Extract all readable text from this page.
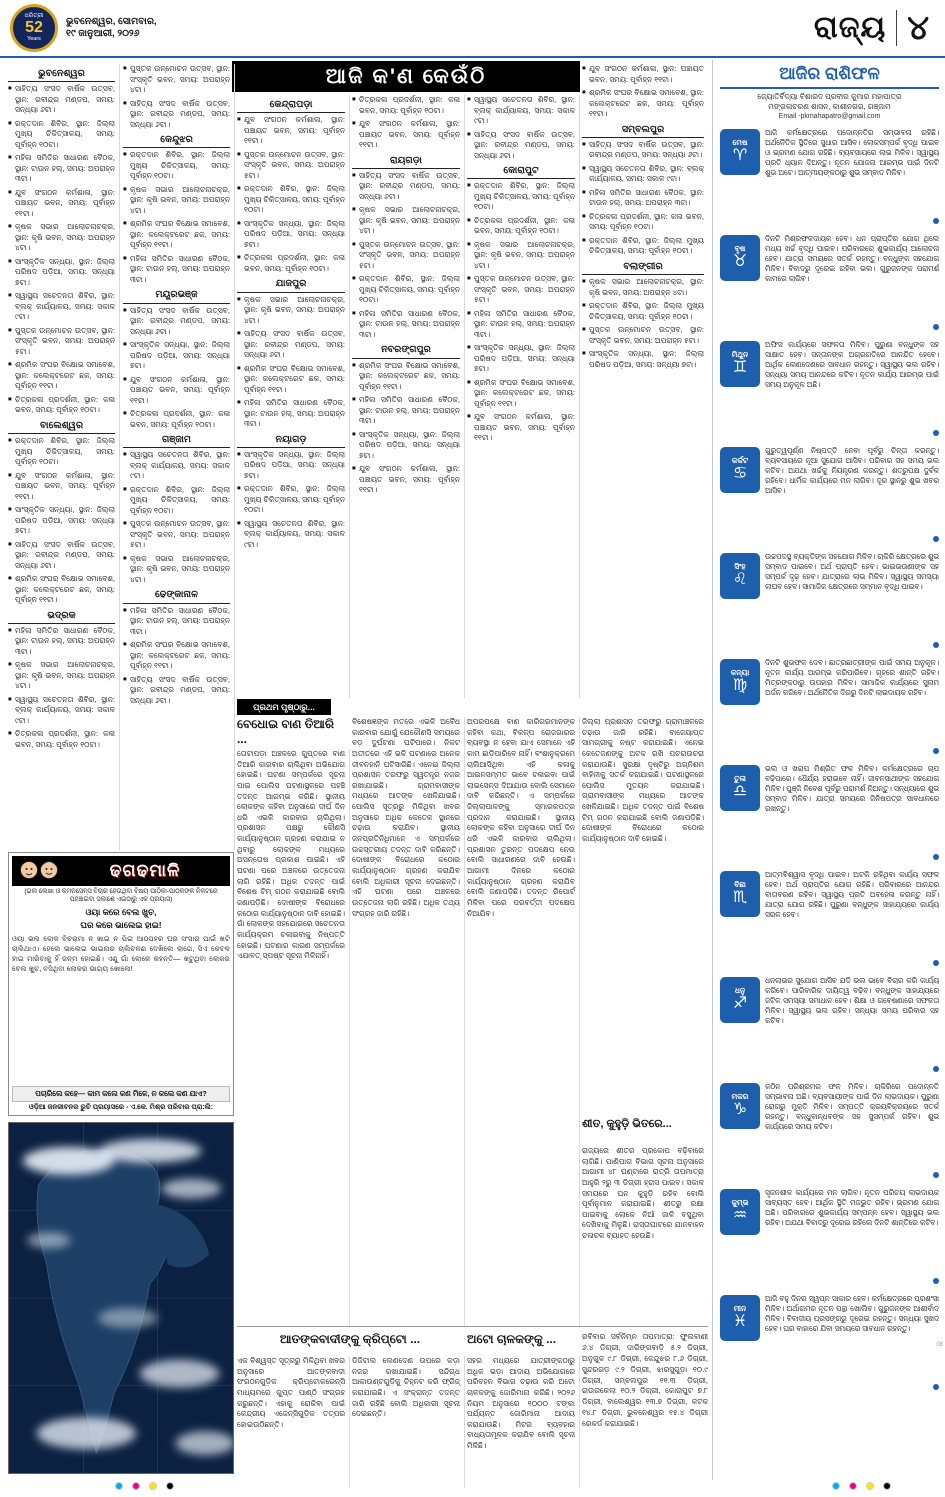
ଧରିତ୍ରୀ
52
Years
ଭୁବନେଶ୍ୱର, ସୋମବାର,
୧୯ ଜାନୁଆରୀ, ୨୦୨୬	ରାଜ୍ୟ ୪
ଆଜି କ'ଣ କେଉଁଠି
ଭୁବନେଶ୍ୱର
◼ ସାହିତ୍ୟ ସଂସଦ ବାର୍ଷିକ ଉତ୍ସବ, ସ୍ଥାନ: ରବୀନ୍ଦ୍ର ମଣ୍ଡପ, ସମୟ: ସନ୍ଧ୍ୟା ୬ଟା।
◼ ରକ୍ତଦାନ ଶିବିର, ସ୍ଥାନ: ଜିଲ୍ଲା ମୁଖ୍ୟ ଚିକିତ୍ସାଳୟ, ସମୟ: ପୂର୍ବାହ୍ନ ୧୦ଟା।
◼ ମହିଳା ସମିତିର ସାଧାରଣ ବୈଠକ, ସ୍ଥାନ: ଟାଉନ ହଲ୍, ସମୟ: ଅପରାହ୍ନ ୩ଟା।
◼ ଯୁବ ସଂଗଠନ କର୍ମଶାଳା, ସ୍ଥାନ: ପଞ୍ଚାୟତ ଭବନ, ସମୟ: ପୂର୍ବାହ୍ନ ୧୧ଟା।
◼ କୃଷକ ସଭାର ଆଲୋଚନାଚକ୍ର, ସ୍ଥାନ: କୃଷି ଭବନ, ସମୟ: ଅପରାହ୍ନ ୪ଟା।
◼ ସାଂସ୍କୃତିକ ସନ୍ଧ୍ୟା, ସ୍ଥାନ: ଜିଲ୍ଲା ପରିଷଦ ପଡ଼ିଆ, ସମୟ: ସନ୍ଧ୍ୟା ୭ଟା।
◼ ସ୍ୱାସ୍ଥ୍ୟ ସଚେତନତା ଶିବିର, ସ୍ଥାନ: ବ୍ଲକ୍ କାର୍ଯ୍ୟାଳୟ, ସମୟ: ସକାଳ ୯ଟା।
◼ ପୁସ୍ତକ ଉନ୍ମୋଚନ ଉତ୍ସବ, ସ୍ଥାନ: ସଂସ୍କୃତି ଭବନ, ସମୟ: ଅପରାହ୍ନ ୫ଟା।
◼ ଶ୍ରମିକ ସଂଘର ବିକ୍ଷୋଭ ସମାବେଶ, ସ୍ଥାନ: କଲେକ୍ଟରେଟ ଛକ, ସମୟ: ପୂର୍ବାହ୍ନ ୧୧ଟା।
◼ ଚିତ୍ରକଳା ପ୍ରଦର୍ଶନୀ, ସ୍ଥାନ: କଳା ଭବନ, ସମୟ: ପୂର୍ବାହ୍ନ ୧୦ଟା।
ବାଲେଶ୍ୱର
◼ ରକ୍ତଦାନ ଶିବିର, ସ୍ଥାନ: ଜିଲ୍ଲା ମୁଖ୍ୟ ଚିକିତ୍ସାଳୟ, ସମୟ: ପୂର୍ବାହ୍ନ ୧୦ଟା।
◼ ଯୁବ ସଂଗଠନ କର୍ମଶାଳା, ସ୍ଥାନ: ପଞ୍ଚାୟତ ଭବନ, ସମୟ: ପୂର୍ବାହ୍ନ ୧୧ଟା।
◼ ସାଂସ୍କୃତିକ ସନ୍ଧ୍ୟା, ସ୍ଥାନ: ଜିଲ୍ଲା ପରିଷଦ ପଡ଼ିଆ, ସମୟ: ସନ୍ଧ୍ୟା ୭ଟା।
◼ ସାହିତ୍ୟ ସଂସଦ ବାର୍ଷିକ ଉତ୍ସବ, ସ୍ଥାନ: ରବୀନ୍ଦ୍ର ମଣ୍ଡପ, ସମୟ: ସନ୍ଧ୍ୟା ୬ଟା।
◼ ଶ୍ରମିକ ସଂଘର ବିକ୍ଷୋଭ ସମାବେଶ, ସ୍ଥାନ: କଲେକ୍ଟରେଟ ଛକ, ସମୟ: ପୂର୍ବାହ୍ନ ୧୧ଟା।
ଭଦ୍ରକ
◼ ମହିଳା ସମିତିର ସାଧାରଣ ବୈଠକ, ସ୍ଥାନ: ଟାଉନ ହଲ୍, ସମୟ: ଅପରାହ୍ନ ୩ଟା।
◼ କୃଷକ ସଭାର ଆଲୋଚନାଚକ୍ର, ସ୍ଥାନ: କୃଷି ଭବନ, ସମୟ: ଅପରାହ୍ନ ୪ଟା।
◼ ସ୍ୱାସ୍ଥ୍ୟ ସଚେତନତା ଶିବିର, ସ୍ଥାନ: ବ୍ଲକ୍ କାର୍ଯ୍ୟାଳୟ, ସମୟ: ସକାଳ ୯ଟା।
◼ ଚିତ୍ରକଳା ପ୍ରଦର୍ଶନୀ, ସ୍ଥାନ: କଳା ଭବନ, ସମୟ: ପୂର୍ବାହ୍ନ ୧୦ଟା।
◼ ପୁସ୍ତକ ଉନ୍ମୋଚନ ଉତ୍ସବ, ସ୍ଥାନ: ସଂସ୍କୃତି ଭବନ, ସମୟ: ଅପରାହ୍ନ ୪ଟା।
◼ ସାହିତ୍ୟ ସଂସଦ ବାର୍ଷିକ ଉତ୍ସବ, ସ୍ଥାନ: ରବୀନ୍ଦ୍ର ମଣ୍ଡପ, ସମୟ: ସନ୍ଧ୍ୟା ୬ଟା।
କେନ୍ଦୁଝର
◼ ରକ୍ତଦାନ ଶିବିର, ସ୍ଥାନ: ଜିଲ୍ଲା ମୁଖ୍ୟ ଚିକିତ୍ସାଳୟ, ସମୟ: ପୂର୍ବାହ୍ନ ୧୦ଟା।
◼ କୃଷକ ସଭାର ଆଲୋଚନାଚକ୍ର, ସ୍ଥାନ: କୃଷି ଭବନ, ସମୟ: ଅପରାହ୍ନ ୪ଟା।
◼ ଶ୍ରମିକ ସଂଘର ବିକ୍ଷୋଭ ସମାବେଶ, ସ୍ଥାନ: କଲେକ୍ଟରେଟ ଛକ, ସମୟ: ପୂର୍ବାହ୍ନ ୧୧ଟା।
◼ ମହିଳା ସମିତିର ସାଧାରଣ ବୈଠକ, ସ୍ଥାନ: ଟାଉନ ହଲ୍, ସମୟ: ଅପରାହ୍ନ ୩ଟା।
ମୟୂରଭଞ୍ଜ
◼ ସାହିତ୍ୟ ସଂସଦ ବାର୍ଷିକ ଉତ୍ସବ, ସ୍ଥାନ: ରବୀନ୍ଦ୍ର ମଣ୍ଡପ, ସମୟ: ସନ୍ଧ୍ୟା ୬ଟା।
◼ ସାଂସ୍କୃତିକ ସନ୍ଧ୍ୟା, ସ୍ଥାନ: ଜିଲ୍ଲା ପରିଷଦ ପଡ଼ିଆ, ସମୟ: ସନ୍ଧ୍ୟା ୭ଟା।
◼ ଯୁବ ସଂଗଠନ କର୍ମଶାଳା, ସ୍ଥାନ: ପଞ୍ଚାୟତ ଭବନ, ସମୟ: ପୂର୍ବାହ୍ନ ୧୧ଟା।
◼ ଚିତ୍ରକଳା ପ୍ରଦର୍ଶନୀ, ସ୍ଥାନ: କଳା ଭବନ, ସମୟ: ପୂର୍ବାହ୍ନ ୧୦ଟା।
ଗଞ୍ଜାମ
◼ ସ୍ୱାସ୍ଥ୍ୟ ସଚେତନତା ଶିବିର, ସ୍ଥାନ: ବ୍ଲକ୍ କାର୍ଯ୍ୟାଳୟ, ସମୟ: ସକାଳ ୯ଟା।
◼ ରକ୍ତଦାନ ଶିବିର, ସ୍ଥାନ: ଜିଲ୍ଲା ମୁଖ୍ୟ ଚିକିତ୍ସାଳୟ, ସମୟ: ପୂର୍ବାହ୍ନ ୧୦ଟା।
◼ ପୁସ୍ତକ ଉନ୍ମୋଚନ ଉତ୍ସବ, ସ୍ଥାନ: ସଂସ୍କୃତି ଭବନ, ସମୟ: ଅପରାହ୍ନ ୫ଟା।
◼ କୃଷକ ସଭାର ଆଲୋଚନାଚକ୍ର, ସ୍ଥାନ: କୃଷି ଭବନ, ସମୟ: ଅପରାହ୍ନ ୪ଟା।
ଢେଙ୍କାନାଳ
◼ ମହିଳା ସମିତିର ସାଧାରଣ ବୈଠକ, ସ୍ଥାନ: ଟାଉନ ହଲ୍, ସମୟ: ଅପରାହ୍ନ ୩ଟା।
◼ ଶ୍ରମିକ ସଂଘର ବିକ୍ଷୋଭ ସମାବେଶ, ସ୍ଥାନ: କଲେକ୍ଟରେଟ ଛକ, ସମୟ: ପୂର୍ବାହ୍ନ ୧୧ଟା।
◼ ସାହିତ୍ୟ ସଂସଦ ବାର୍ଷିକ ଉତ୍ସବ, ସ୍ଥାନ: ରବୀନ୍ଦ୍ର ମଣ୍ଡପ, ସମୟ: ସନ୍ଧ୍ୟା ୬ଟା।
କେନ୍ଦ୍ରାପଡ଼ା
◼ ଯୁବ ସଂଗଠନ କର୍ମଶାଳା, ସ୍ଥାନ: ପଞ୍ଚାୟତ ଭବନ, ସମୟ: ପୂର୍ବାହ୍ନ ୧୧ଟା।
◼ ପୁସ୍ତକ ଉନ୍ମୋଚନ ଉତ୍ସବ, ସ୍ଥାନ: ସଂସ୍କୃତି ଭବନ, ସମୟ: ଅପରାହ୍ନ ୫ଟା।
◼ ରକ୍ତଦାନ ଶିବିର, ସ୍ଥାନ: ଜିଲ୍ଲା ମୁଖ୍ୟ ଚିକିତ୍ସାଳୟ, ସମୟ: ପୂର୍ବାହ୍ନ ୧୦ଟା।
◼ ସାଂସ୍କୃତିକ ସନ୍ଧ୍ୟା, ସ୍ଥାନ: ଜିଲ୍ଲା ପରିଷଦ ପଡ଼ିଆ, ସମୟ: ସନ୍ଧ୍ୟା ୭ଟା।
◼ ଚିତ୍ରକଳା ପ୍ରଦର୍ଶନୀ, ସ୍ଥାନ: କଳା ଭବନ, ସମୟ: ପୂର୍ବାହ୍ନ ୧୦ଟା।
ଯାଜପୁର
◼ କୃଷକ ସଭାର ଆଲୋଚନାଚକ୍ର, ସ୍ଥାନ: କୃଷି ଭବନ, ସମୟ: ଅପରାହ୍ନ ୪ଟା।
◼ ସାହିତ୍ୟ ସଂସଦ ବାର୍ଷିକ ଉତ୍ସବ, ସ୍ଥାନ: ରବୀନ୍ଦ୍ର ମଣ୍ଡପ, ସମୟ: ସନ୍ଧ୍ୟା ୬ଟା।
◼ ଶ୍ରମିକ ସଂଘର ବିକ୍ଷୋଭ ସମାବେଶ, ସ୍ଥାନ: କଲେକ୍ଟରେଟ ଛକ, ସମୟ: ପୂର୍ବାହ୍ନ ୧୧ଟା।
◼ ମହିଳା ସମିତିର ସାଧାରଣ ବୈଠକ, ସ୍ଥାନ: ଟାଉନ ହଲ୍, ସମୟ: ଅପରାହ୍ନ ୩ଟା।
ନୟାଗଡ଼
◼ ସାଂସ୍କୃତିକ ସନ୍ଧ୍ୟା, ସ୍ଥାନ: ଜିଲ୍ଲା ପରିଷଦ ପଡ଼ିଆ, ସମୟ: ସନ୍ଧ୍ୟା ୭ଟା।
◼ ରକ୍ତଦାନ ଶିବିର, ସ୍ଥାନ: ଜିଲ୍ଲା ମୁଖ୍ୟ ଚିକିତ୍ସାଳୟ, ସମୟ: ପୂର୍ବାହ୍ନ ୧୦ଟା।
◼ ସ୍ୱାସ୍ଥ୍ୟ ସଚେତନତା ଶିବିର, ସ୍ଥାନ: ବ୍ଲକ୍ କାର୍ଯ୍ୟାଳୟ, ସମୟ: ସକାଳ ୯ଟା।
◼ ଚିତ୍ରକଳା ପ୍ରଦର୍ଶନୀ, ସ୍ଥାନ: କଳା ଭବନ, ସମୟ: ପୂର୍ବାହ୍ନ ୧୦ଟା।
◼ ଯୁବ ସଂଗଠନ କର୍ମଶାଳା, ସ୍ଥାନ: ପଞ୍ଚାୟତ ଭବନ, ସମୟ: ପୂର୍ବାହ୍ନ ୧୧ଟା।
ରାୟଗଡ଼ା
◼ ସାହିତ୍ୟ ସଂସଦ ବାର୍ଷିକ ଉତ୍ସବ, ସ୍ଥାନ: ରବୀନ୍ଦ୍ର ମଣ୍ଡପ, ସମୟ: ସନ୍ଧ୍ୟା ୬ଟା।
◼ କୃଷକ ସଭାର ଆଲୋଚନାଚକ୍ର, ସ୍ଥାନ: କୃଷି ଭବନ, ସମୟ: ଅପରାହ୍ନ ୪ଟା।
◼ ପୁସ୍ତକ ଉନ୍ମୋଚନ ଉତ୍ସବ, ସ୍ଥାନ: ସଂସ୍କୃତି ଭବନ, ସମୟ: ଅପରାହ୍ନ ୫ଟା।
◼ ରକ୍ତଦାନ ଶିବିର, ସ୍ଥାନ: ଜିଲ୍ଲା ମୁଖ୍ୟ ଚିକିତ୍ସାଳୟ, ସମୟ: ପୂର୍ବାହ୍ନ ୧୦ଟା।
◼ ମହିଳା ସମିତିର ସାଧାରଣ ବୈଠକ, ସ୍ଥାନ: ଟାଉନ ହଲ୍, ସମୟ: ଅପରାହ୍ନ ୩ଟା।
ନବରଙ୍ଗପୁର
◼ ଶ୍ରମିକ ସଂଘର ବିକ୍ଷୋଭ ସମାବେଶ, ସ୍ଥାନ: କଲେକ୍ଟରେଟ ଛକ, ସମୟ: ପୂର୍ବାହ୍ନ ୧୧ଟା।
◼ ମହିଳା ସମିତିର ସାଧାରଣ ବୈଠକ, ସ୍ଥାନ: ଟାଉନ ହଲ୍, ସମୟ: ଅପରାହ୍ନ ୩ଟା।
◼ ସାଂସ୍କୃତିକ ସନ୍ଧ୍ୟା, ସ୍ଥାନ: ଜିଲ୍ଲା ପରିଷଦ ପଡ଼ିଆ, ସମୟ: ସନ୍ଧ୍ୟା ୭ଟା।
◼ ଯୁବ ସଂଗଠନ କର୍ମଶାଳା, ସ୍ଥାନ: ପଞ୍ଚାୟତ ଭବନ, ସମୟ: ପୂର୍ବାହ୍ନ ୧୧ଟା।
◼ ସ୍ୱାସ୍ଥ୍ୟ ସଚେତନତା ଶିବିର, ସ୍ଥାନ: ବ୍ଲକ୍ କାର୍ଯ୍ୟାଳୟ, ସମୟ: ସକାଳ ୯ଟା।
◼ ସାହିତ୍ୟ ସଂସଦ ବାର୍ଷିକ ଉତ୍ସବ, ସ୍ଥାନ: ରବୀନ୍ଦ୍ର ମଣ୍ଡପ, ସମୟ: ସନ୍ଧ୍ୟା ୬ଟା।
କୋରାପୁଟ
◼ ରକ୍ତଦାନ ଶିବିର, ସ୍ଥାନ: ଜିଲ୍ଲା ମୁଖ୍ୟ ଚିକିତ୍ସାଳୟ, ସମୟ: ପୂର୍ବାହ୍ନ ୧୦ଟା।
◼ ଚିତ୍ରକଳା ପ୍ରଦର୍ଶନୀ, ସ୍ଥାନ: କଳା ଭବନ, ସମୟ: ପୂର୍ବାହ୍ନ ୧୦ଟା।
◼ କୃଷକ ସଭାର ଆଲୋଚନାଚକ୍ର, ସ୍ଥାନ: କୃଷି ଭବନ, ସମୟ: ଅପରାହ୍ନ ୪ଟା।
◼ ପୁସ୍ତକ ଉନ୍ମୋଚନ ଉତ୍ସବ, ସ୍ଥାନ: ସଂସ୍କୃତି ଭବନ, ସମୟ: ଅପରାହ୍ନ ୫ଟା।
◼ ମହିଳା ସମିତିର ସାଧାରଣ ବୈଠକ, ସ୍ଥାନ: ଟାଉନ ହଲ୍, ସମୟ: ଅପରାହ୍ନ ୩ଟା।
◼ ସାଂସ୍କୃତିକ ସନ୍ଧ୍ୟା, ସ୍ଥାନ: ଜିଲ୍ଲା ପରିଷଦ ପଡ଼ିଆ, ସମୟ: ସନ୍ଧ୍ୟା ୭ଟା।
◼ ଶ୍ରମିକ ସଂଘର ବିକ୍ଷୋଭ ସମାବେଶ, ସ୍ଥାନ: କଲେକ୍ଟରେଟ ଛକ, ସମୟ: ପୂର୍ବାହ୍ନ ୧୧ଟା।
◼ ଯୁବ ସଂଗଠନ କର୍ମଶାଳା, ସ୍ଥାନ: ପଞ୍ଚାୟତ ଭବନ, ସମୟ: ପୂର୍ବାହ୍ନ ୧୧ଟା।
◼ ଯୁବ ସଂଗଠନ କର୍ମଶାଳା, ସ୍ଥାନ: ପଞ୍ଚାୟତ ଭବନ, ସମୟ: ପୂର୍ବାହ୍ନ ୧୧ଟା।
◼ ଶ୍ରମିକ ସଂଘର ବିକ୍ଷୋଭ ସମାବେଶ, ସ୍ଥାନ: କଲେକ୍ଟରେଟ ଛକ, ସମୟ: ପୂର୍ବାହ୍ନ ୧୧ଟା।
ସମ୍ବଲପୁର
◼ ସାହିତ୍ୟ ସଂସଦ ବାର୍ଷିକ ଉତ୍ସବ, ସ୍ଥାନ: ରବୀନ୍ଦ୍ର ମଣ୍ଡପ, ସମୟ: ସନ୍ଧ୍ୟା ୬ଟା।
◼ ସ୍ୱାସ୍ଥ୍ୟ ସଚେତନତା ଶିବିର, ସ୍ଥାନ: ବ୍ଲକ୍ କାର୍ଯ୍ୟାଳୟ, ସମୟ: ସକାଳ ୯ଟା।
◼ ମହିଳା ସମିତିର ସାଧାରଣ ବୈଠକ, ସ୍ଥାନ: ଟାଉନ ହଲ୍, ସମୟ: ଅପରାହ୍ନ ୩ଟା।
◼ ଚିତ୍ରକଳା ପ୍ରଦର୍ଶନୀ, ସ୍ଥାନ: କଳା ଭବନ, ସମୟ: ପୂର୍ବାହ୍ନ ୧୦ଟା।
◼ ରକ୍ତଦାନ ଶିବିର, ସ୍ଥାନ: ଜିଲ୍ଲା ମୁଖ୍ୟ ଚିକିତ୍ସାଳୟ, ସମୟ: ପୂର୍ବାହ୍ନ ୧୦ଟା।
ବଲାଙ୍ଗୀର
◼ କୃଷକ ସଭାର ଆଲୋଚନାଚକ୍ର, ସ୍ଥାନ: କୃଷି ଭବନ, ସମୟ: ଅପରାହ୍ନ ୪ଟା।
◼ ରକ୍ତଦାନ ଶିବିର, ସ୍ଥାନ: ଜିଲ୍ଲା ମୁଖ୍ୟ ଚିକିତ୍ସାଳୟ, ସମୟ: ପୂର୍ବାହ୍ନ ୧୦ଟା।
◼ ପୁସ୍ତକ ଉନ୍ମୋଚନ ଉତ୍ସବ, ସ୍ଥାନ: ସଂସ୍କୃତି ଭବନ, ସମୟ: ଅପରାହ୍ନ ୫ଟା।
◼ ସାଂସ୍କୃତିକ ସନ୍ଧ୍ୟା, ସ୍ଥାନ: ଜିଲ୍ଲା ପରିଷଦ ପଡ଼ିଆ, ସମୟ: ସନ୍ଧ୍ୟା ୭ଟା।
ପ୍ରଥମ ପୃଷ୍ଠାରୁ...
ବେଧୋଇ ବାଣ ତିଆରି ...
ତୋଟାପଡ଼ା ଅଞ୍ଚଳରେ ଗୁପ୍ତରେ ବାଣ ତିଆରି କାରବାର ଚାଲିଥିବା ଅଭିଯୋଗ ହୋଇଛି। ଘଟଣା ସମ୍ପର୍କରେ ସୂଚନା ପାଇ ପୋଲିସ ଘଟଣାସ୍ଥଳରେ ପହଞ୍ଚି ତଦନ୍ତ ଆରମ୍ଭ କରିଛି। ସ୍ଥାନୀୟ ଲୋକଙ୍କ କହିବା ଅନୁସାରେ ଦୀର୍ଘ ଦିନ ଧରି ଏଭଳି କାରବାର ଚାଲିଥିଲା। ପ୍ରଶାସନ ପକ୍ଷରୁ କୌଣସି କାର୍ଯ୍ୟାନୁଷ୍ଠାନ ଗ୍ରହଣ କରାଯାଇ ନ ଥିବାରୁ ଲୋକଙ୍କ ମଧ୍ୟରେ ଅସନ୍ତୋଷ ପ୍ରକାଶ ପାଇଛି। ଏହି ଘଟଣା ପରେ ଅଞ୍ଚଳରେ ଉତ୍ତେଜନା ଲାଗି ରହିଛି। ଅଧିକ ତଦନ୍ତ ପାଇଁ ବିଶେଷ ଟିମ୍ ଗଠନ କରାଯାଇଛି ବୋଲି ଜଣାପଡ଼ିଛି। ଦୋଷୀଙ୍କ ବିରୋଧରେ କଠୋର କାର୍ଯ୍ୟାନୁଷ୍ଠାନ ଦାବି ହୋଇଛି। ଗାଁ ଲୋକଙ୍କ ସହଯୋଗରେ ସଚେତନତା କାର୍ଯ୍ୟକ୍ରମ ଚଳାଇବାକୁ ନିଷ୍ପତ୍ତି ହୋଇଛି। ଘଟଣାର କାରଣ ସମ୍ପର୍କରେ ଏଯାବତ୍ ସ୍ପଷ୍ଟ ସୂଚନା ମିଳିନାହିଁ।
ବିଶେଷଜ୍ଞଙ୍କ ମତରେ ଏଭଳି ଅବୈଧ କାରବାର ଯୋଗୁଁ ଯେକୌଣସି ସମୟରେ ବଡ଼ ଦୁର୍ଘଟଣା ଘଟିପାରେ। ନିକଟ ଅତୀତରେ ଏହି ଭଳି ଘଟଣାରେ ଅନେକ ଜୀବନହାନି ଘଟିସାରିଛି। ଏନେଇ ଜିଲ୍ଲା ପ୍ରଶାସନ ତରଫରୁ ସ୍ୱତନ୍ତ୍ର ନଜର ରଖାଯାଇଛି। ଗ୍ରାମବାସୀଙ୍କ ମଧ୍ୟରେ ଆତଙ୍କ ଖେଳିଯାଇଛି। ପୋଲିସ ସୂତ୍ରରୁ ମିଳିଥିବା ଖବର ଅନୁସାରେ ଅଧିକ କେତେକ ସ୍ଥାନରେ ଚଢ଼ାଉ କରାଯିବ। ସ୍ଥାନୀୟ ଜନପ୍ରତିନିଧିମାନେ ଏ ସମ୍ପର୍କରେ ଉଚ୍ଚସ୍ତରୀୟ ତଦନ୍ତ ଦାବି କରିଛନ୍ତି। ଦୋଷୀଙ୍କ ବିରୋଧରେ କଠୋର କାର୍ଯ୍ୟାନୁଷ୍ଠାନ ଗ୍ରହଣ କରାଯିବ ବୋଲି ଅଧିକାରୀ ସୂଚନା ଦେଇଛନ୍ତି। ଏହି ଘଟଣା ପରେ ଅଞ୍ଚଳରେ ଉତ୍ତେଜନା ଲାଗି ରହିଛି। ଅଧିକ ତଥ୍ୟ ସଂଗ୍ରହ ଜାରି ରହିଛି।
ଅପରପକ୍ଷେ ବାଣ କାରିଗରମାନଙ୍କ କହିବା କଥା, ବିକଳ୍ପ ରୋଜଗାରର ବ୍ୟବସ୍ଥା ନ ହେବା ଯାଏ ସେମାନେ ଏହି କାମ ଛାଡ଼ିପାରିବେ ନାହିଁ। ବଂଶାନୁକ୍ରମେ ଚାଲିଆସିଥିବା ଏହି କଳାକୁ ଆଇନସମ୍ମତ ଭାବେ ଚଳାଇବା ପାଇଁ ଲାଇସେନ୍ସ ଦିଆଯାଉ ବୋଲି ସେମାନେ ଦାବି କରିଛନ୍ତି। ଏ ସମ୍ପର୍କରେ ଜିଲ୍ଲାପାଳଙ୍କୁ ସ୍ମାରକପତ୍ର ପ୍ରଦାନ କରାଯାଇଛି। ସ୍ଥାନୀୟ ଲୋକଙ୍କ କହିବା ଅନୁସାରେ ଦୀର୍ଘ ଦିନ ଧରି ଏଭଳି କାରବାର ଚାଲିଥିଲା। ପ୍ରଶାସନ ତୁରନ୍ତ ପଦକ୍ଷେପ ନେଉ ବୋଲି ସାଧାରଣରେ ଦାବି ହେଉଛି। ଆଗାମୀ ଦିନରେ କଠୋର କାର୍ଯ୍ୟାନୁଷ୍ଠାନ ଗ୍ରହଣ କରାଯିବ ବୋଲି ଜଣାପଡ଼ିଛି। ତଦନ୍ତ ରିପୋର୍ଟ ମିଳିବା ପରେ ପରବର୍ତ୍ତୀ ପଦକ୍ଷେପ ନିଆଯିବ।
ଜିଲ୍ଲା ପ୍ରଶାସନ ତରଫରୁ ଗ୍ରାମାଞ୍ଚଳରେ ଚଢ଼ାଉ ଜାରି ରହିଛି। ବାଜେୟାପ୍ତ ସାମଗ୍ରୀକୁ ନଷ୍ଟ କରାଯାଇଛି। ଏନେଇ କେତେଜଣଙ୍କୁ ଅଟକ ରଖି ପଚରାଉଚରା କରାଯାଉଛି। ସୁରକ୍ଷା ଦୃଷ୍ଟିରୁ ଅଗ୍ନିଶମ ବାହିନୀକୁ ସତର୍କ କରାଯାଇଛି। ଘଟଣାସ୍ଥଳରେ ପୋଲିସ ମୁତୟନ କରାଯାଇଛି। ଗ୍ରାମବାସୀଙ୍କ ମଧ୍ୟରେ ଆତଙ୍କ ଖେଳିଯାଇଛି। ଅଧିକ ତଦନ୍ତ ପାଇଁ ବିଶେଷ ଟିମ୍ ଗଠନ କରାଯାଇଛି ବୋଲି ଜଣାପଡ଼ିଛି। ଦୋଷୀଙ୍କ ବିରୋଧରେ କଠୋର କାର୍ଯ୍ୟାନୁଷ୍ଠାନ ଦାବି ହୋଇଛି।
ଶୀତ, କୁହୁଡ଼ି ଭିତରେ...
ରାଜ୍ୟରେ ଶୀତର ପ୍ରକୋପ ବଢ଼ିବାରେ ଲାଗିଛି। ପାଣିପାଗ ବିଭାଗ ସୂଚନା ଅନୁସାରେ ଆଗାମୀ ୪୮ ଘଣ୍ଟାରେ ରାତ୍ରି ତାପମାତ୍ରା ଆହୁରି ୨ରୁ ୩ ଡିଗ୍ରୀ ହ୍ରାସ ପାଇବ। ସକାଳ ସମୟରେ ଘନ କୁହୁଡ଼ି ରହିବ ବୋଲି ପୂର୍ବାନୁମାନ କରାଯାଇଛି। ଶୀତରୁ ରକ୍ଷା ପାଇବାକୁ ଲୋକେ ନିଆଁ ଜାଳି ବସୁଥିବା ଦେଖିବାକୁ ମିଳୁଛି। ରାସ୍ତାଘାଟରେ ଯାନବାହନ ଚଳାଚଳ ବ୍ୟାହତ ହେଉଛି।
ଆତଙ୍କବାଦୀଙ୍କୁ କ୍ରିପ୍ଟୋ ...
ଏକ ବିଶ୍ୱସ୍ତ ସୂତ୍ରରୁ ମିଳିଥିବା ଖବର ଅନୁସାରେ ଆତଙ୍କବାଦୀ ସଂଗଠନଗୁଡ଼ିକ କ୍ରିପ୍ଟୋକରେନ୍ସି ମାଧ୍ୟମରେ ଗୁପ୍ତ ପାଣ୍ଠି ସଂଗ୍ରହ କରୁଛନ୍ତି। ଏହାକୁ ରୋକିବା ପାଇଁ କେନ୍ଦ୍ରୀୟ ଏଜେନ୍ସିଗୁଡ଼ିକ ତତ୍ପର ହୋଇଉଠିଛନ୍ତି।
ଡିଜିଟାଲ ଲେଣଦେଣ ଉପରେ କଡ଼ା ନଜର ରଖାଯାଇଛି। ସନ୍ଦିଗ୍ଧ ଆକାଉଣ୍ଟଗୁଡ଼ିକୁ ଚିହ୍ନଟ କରି ଫ୍ରିଜ୍ କରାଯାଇଛି। ଏ ସଂକ୍ରାନ୍ତ ତଦନ୍ତ ଜାରି ରହିଛି ବୋଲି ଅଧିକାରୀ ସୂଚନା ଦେଇଛନ୍ତି।
ଅଟୋ ଚାଳକଙ୍କୁ ...
ସହର ମଧ୍ୟରେ ଯାତ୍ରୀଙ୍କଠାରୁ ଅଧିକ ଭଡ଼ା ଆଦାୟ ଅଭିଯୋଗରେ ପରିବହନ ବିଭାଗ ଚଢ଼ାଉ କରି ଅଟୋ ଚାଳକଙ୍କୁ ଜୋରିମାନା କରିଛି। ୨୦୨୬ ନିୟମ ଅନୁସାରେ ୧୦୦୦ ଟଙ୍କା ପର୍ଯ୍ୟନ୍ତ ଜୋରିମାନା ଆଦାୟ କରାଯାଉଛି। ମିଟର ବ୍ୟବହାର ବାଧ୍ୟତାମୂଳକ କରାଯିବ ବୋଲି ସୂଚନା ମିଳିଛି।
ରବିବାର ସର୍ବନିମ୍ନ ତାପମାତ୍ରା: ଫୁଲବାଣୀ ୬.୪ ଡିଗ୍ରୀ, ଦାରିଙ୍ଗବାଡ଼ି ୫.୨ ଡିଗ୍ରୀ, ଅନୁଗୁଳ ୯.୮ ଡିଗ୍ରୀ, କେନ୍ଦୁଝର ୮.୬ ଡିଗ୍ରୀ, ସୁନ୍ଦରଗଡ଼ ୯.୨ ଡିଗ୍ରୀ, ଝାରସୁଗୁଡ଼ା ୧୦.୯ ଡିଗ୍ରୀ, ସମ୍ବଲପୁର ୧୧.୩ ଡିଗ୍ରୀ, ରାଉରକେଲା ୧୦.୨ ଡିଗ୍ରୀ, କୋରାପୁଟ ୭.୮ ଡିଗ୍ରୀ, ବାଲେଶ୍ୱର ୧୩.୭ ଡିଗ୍ରୀ, କଟକ ୧୪.୮ ଡିଗ୍ରୀ, ଭୁବନେଶ୍ୱର ୧୫.୪ ଡିଗ୍ରୀ ରେକର୍ଡ କରାଯାଇଛି।
ଢଗଢମାଳି
(ଭଲ ଲେଖା ଓ କମନସେନ୍ସ ବିଚାର ହେଉଥିବା ବିଷୟ ପାଠିକା-ପାଠକଙ୍କ ନିକଟରେ ପହଞ୍ଚାଇବା ସକାଶେ ଏଇଠାରୁ ଏକ ପ୍ରୟାସ)
ଓୟା କରେ ବେଲ ଖୁଚ,
ଘର କରେ ଭାଲେଇ ହାଇ!
ଓୟା ଭଲ ଲୋକ ବିଚରାମା ନ ଖାଇ ନ ପିଇ ଆଠପହର ଘର ସଂସାର ପାଇଁ ଖଟି ଚାଲିଥାଏ। ହେଲେ ଭାଲେଇ ଭାଇନାର ଚାଲିଚଳଣ ଦେଖିଲେ ଲାଗେ, ସିଏ କେବଳ ହାଇ ମାରିବାକୁ ହିଁ ଜନ୍ମ ହୋଇଛି। ଏଣୁ ଗାଁ ଲୋକେ କହନ୍ତି— ଖଟୁଥିବା ଲୋକର ବେଲ ଖୁଚ, ବସିଥିବା ଲୋକର ଭାଗ୍ୟ ଖୋଲେ!
ପଚାରିଲେ କହେ— କାମ କଲେ କଣ ମିଳେ, ନ କଲେ କଣ ଯାଏ?
ଓଡ଼ିଆ ଜନଜୀବନର ରୁଚି ପ୍ରୟାସରେ - ଏ.କେ. ମିଶ୍ର ପରିବାର ପ୍ରା:ଲି:
ଆଜିର ରାଶିଫଳ
ଜ୍ୟୋତିର୍ବିଦ୍ୟା ବିଶାରଦ ପ୍ରବୀର କୁମାର ମହାପାତ୍ର
ମଙ୍ଗଳାଚରଣ ଶାସନ, କାଶୀନଗର, ଗଞ୍ଜାମ
Email -pkmahapatro@gmail.com
ମେଷ
♈
ଆଜି କର୍ମକ୍ଷେତ୍ରରେ ପଦୋନ୍ନତିର ସମ୍ଭାବନା ରହିଛି। ଅର୍ଥନୈତିକ ସ୍ଥିତିରେ ସୁଧାର ଆସିବ। ଲୋକସମ୍ପର୍କ ବୃଦ୍ଧି ପାଇବ ଓ ଭ୍ରମଣ ଯୋଗ ରହିଛି। ବ୍ୟବସାୟରେ ଲାଭ ମିଳିବ। ସ୍ୱାସ୍ଥ୍ୟ ପ୍ରତି ଧ୍ୟାନ ଦିଅନ୍ତୁ। ନୂତନ ଯୋଜନା ଆରମ୍ଭ ପାଇଁ ଦିନଟି ଶୁଭ ଅଟେ। ଆତ୍ମୀୟଙ୍କଠାରୁ ଶୁଭ ସମ୍ବାଦ ମିଳିବ।
ବୃଷ
♉
ଦିନଟି ମିଶ୍ରଫଳଦାୟକ ହେବ। ଧନ ପ୍ରାପ୍ତିର ଯୋଗ ଥିଲେ ମଧ୍ୟ ଖର୍ଚ୍ଚ ବୃଦ୍ଧି ପାଇବ। ପରିବାରରେ ଶୁଭକାର୍ଯ୍ୟ ଆଲୋଚନା ହେବ। ଯାତ୍ରା ସମୟରେ ସତର୍କ ରହନ୍ତୁ। ବନ୍ଧୁଙ୍କ ସହଯୋଗ ମିଳିବ। ବିବାଦରୁ ଦୂରେଇ ରହିବା ଭଲ। ଗୁରୁଜନଙ୍କ ପରାମର୍ଶ କାମରେ ଲାଗିବ।
ମିଥୁନ
♊
ଅଫିସ କାର୍ଯ୍ୟରେ ସଫଳତା ମିଳିବ। ପୁରୁଣା ବନ୍ଧୁଙ୍କ ସହ ସାକ୍ଷାତ ହେବ। ସନ୍ତାନଙ୍କ ଅଗ୍ରଗତିରେ ଆନନ୍ଦିତ ହେବେ। ଆର୍ଥିକ ଲେଣଦେଣରେ ସାବଧାନ ରହନ୍ତୁ। ସ୍ୱାସ୍ଥ୍ୟ ଭଲ ରହିବ। ସନ୍ଧ୍ୟା ସମୟ ଆନନ୍ଦରେ କଟିବ। ନୂତନ କାର୍ଯ୍ୟ ଆରମ୍ଭ ପାଇଁ ସମୟ ଅନୁକୂଳ ଅଛି।
କର୍କଟ
♋
ଗୁରୁତ୍ୱପୂର୍ଣ୍ଣ ନିଷ୍ପତ୍ତି ନେବା ପୂର୍ବରୁ ଚିନ୍ତା କରନ୍ତୁ। ବ୍ୟବସାୟରେ ନୂଆ ସୁଯୋଗ ଆସିବ। ପରିବାର ସହ ସମୟ ଭଲ କଟିବ। ଅଯଥା ଖର୍ଚ୍ଚକୁ ନିୟନ୍ତ୍ରଣ କରନ୍ତୁ। ଶତ୍ରୁପକ୍ଷ ଦୁର୍ବଳ ରହିବେ। ଧାର୍ମିକ କାର୍ଯ୍ୟରେ ମନ ଲାଗିବ। ଦୂର ସ୍ଥାନରୁ ଶୁଭ ଖବର ଆସିବ।
ସିଂହ
♌
ଉଚ୍ଚପଦସ୍ଥ ବ୍ୟକ୍ତିଙ୍କ ସହଯୋଗ ମିଳିବ। ଚାକିରି କ୍ଷେତ୍ରରେ ଶୁଭ ସମ୍ବାଦ ପାଇବେ। ଅର୍ଥ ପ୍ରାପ୍ତି ହେବ। ଭାଇଭଉଣୀଙ୍କ ସହ ସମ୍ପର୍କ ଦୃଢ଼ ହେବ। ଯାତ୍ରାରେ ଲାଭ ମିଳିବ। ସ୍ୱାସ୍ଥ୍ୟ ସମସ୍ୟା ଲାଘବ ହେବ। ସାମାଜିକ କ୍ଷେତ୍ରରେ ସମ୍ମାନ ବୃଦ୍ଧି ପାଇବ।
କନ୍ୟା
♍
ଦିନଟି ଶୁଭଫଳ ଦେବ। ଛାତ୍ରଛାତ୍ରୀଙ୍କ ପାଇଁ ସମୟ ଅନୁକୂଳ। ନୂତନ କାର୍ଯ୍ୟ ଆରମ୍ଭ କରିପାରିବେ। ଗୃହରେ ଶାନ୍ତି ରହିବ। ମିତ୍ରଙ୍କଠାରୁ ଉପହାର ମିଳିବ। ସାମାଜିକ କାର୍ଯ୍ୟରେ ସୁନାମ ଅର୍ଜନ କରିବେ। ଅର୍ଥନୈତିକ ଦିଗରୁ ଦିନଟି ଲାଭଦାୟକ ରହିବ।
ତୁଳା
♎
ଭଲ ଓ ଖରାପ ମିଶ୍ରିତ ଫଳ ମିଳିବ। କର୍ମକ୍ଷେତ୍ରରେ ଚାପ ବଢ଼ିପାରେ। ଧୈର୍ଯ୍ୟ ହରାଇବେ ନାହିଁ। ଜୀବନସାଥୀଙ୍କ ସହଯୋଗ ମିଳିବ। ପୁଞ୍ଜି ନିବେଶ ପୂର୍ବରୁ ପରାମର୍ଶ ନିଅନ୍ତୁ। ସନ୍ଧ୍ୟାରେ ଶୁଭ ସମ୍ବାଦ ମିଳିବ। ଯାତ୍ରା ସମୟରେ ଜିନିଷପତ୍ର ସାବଧାନରେ ରଖନ୍ତୁ।
ବିଛା
♏
ଆତ୍ମବିଶ୍ୱାସ ବୃଦ୍ଧି ପାଇବ। ଅଟକି ରହିଥିବା କାର୍ଯ୍ୟ ସଫଳ ହେବ। ଅର୍ଥ ପ୍ରାପ୍ତିର ଯୋଗ ରହିଛି। ପରିବାରରେ ଆନନ୍ଦର ବାତାବରଣ ରହିବ। ସ୍ୱାସ୍ଥ୍ୟ ପ୍ରତି ଅବହେଳା କରନ୍ତୁ ନାହିଁ। ଯାତ୍ରା ଯୋଗ ରହିଛି। ପୁରୁଣା ବନ୍ଧୁଙ୍କ ସାହାଯ୍ୟରେ କାର୍ଯ୍ୟ ସରଳ ହେବ।
ଧନୁ
♐
ଧନଲାଭର ସୁଯୋଗ ଆସିବ ଯଦି ଭଲ ଭାବେ ବିଚାର କରି କାର୍ଯ୍ୟ କରିବେ। ପାରିବାରିକ ଦାୟିତ୍ୱ ବଢ଼ିବ। ବନ୍ଧୁଙ୍କ ସାହାଯ୍ୟରେ ଜଟିଳ ସମସ୍ୟା ସମାଧାନ ହେବ। ଶିକ୍ଷା ଓ ଗବେଷଣାରେ ସଫଳତା ମିଳିବ। ସ୍ୱାସ୍ଥ୍ୟ ଭଲ ରହିବ। ସନ୍ଧ୍ୟା ସମୟ ପରିବାର ସହ କଟିବ।
ମକର
♑
କଠିନ ପରିଶ୍ରମର ଫଳ ମିଳିବ। ଚାକିରିରେ ପଦୋନ୍ନତି ସମ୍ଭାବନା ଅଛି। ବ୍ୟବସାୟୀଙ୍କ ପାଇଁ ଦିନ ଲାଭଦାୟକ। ପୁରୁଣା ରୋଗରୁ ମୁକ୍ତି ମିଳିବ। ସମ୍ପତ୍ତି କ୍ରୟବିକ୍ରୟରେ ସତର୍କ ରହନ୍ତୁ। ବନ୍ଧୁବାନ୍ଧବଙ୍କ ସହ ସୁସମ୍ପର୍କ ରହିବ। ଶୁଭ କାର୍ଯ୍ୟରେ ସମୟ କଟିବ।
କୁମ୍ଭ
♒
ସୃଜନଶୀଳ କାର୍ଯ୍ୟରେ ମନ ଲାଗିବ। ନୂତନ ପରିଚୟ ଲାଭଦାୟକ ସାବ୍ୟସ୍ତ ହେବ। ଆର୍ଥିକ ସ୍ଥିତି ମଜଭୁତ ରହିବ। ଭ୍ରମଣ ଯୋଗ ଅଛି। ପରିବାରରେ ଶୁଭକାର୍ଯ୍ୟ ସମ୍ପନ୍ନ ହେବ। ସ୍ୱାସ୍ଥ୍ୟ ଭଲ ରହିବ। ଅଯଥା ବିବାଦରୁ ଦୂରେଇ ରହିଲେ ଦିନଟି ଶାନ୍ତିରେ କଟିବ।
ମୀନ
♓
ଆଜି ବହୁ ଦିନର ସ୍ୱପ୍ନ ସାକାର ହେବ। କର୍ମକ୍ଷେତ୍ରରେ ପ୍ରଶଂସା ମିଳିବ। ଅର୍ଥାଗମର ନୂତନ ପନ୍ଥା ଖୋଲିବ। ଗୁରୁଜନଙ୍କ ଆଶୀର୍ବାଦ ମିଳିବ। ବିବାଦୀୟ ପ୍ରସଙ୍ଗରୁ ଦୂରେଇ ରହନ୍ତୁ। ସନ୍ଧ୍ୟା ସୁଖଦ ହେବ। ଘର ବାହାରେ ଯିବା ସମୟରେ ସାବଧାନ ରହନ୍ତୁ।
08
